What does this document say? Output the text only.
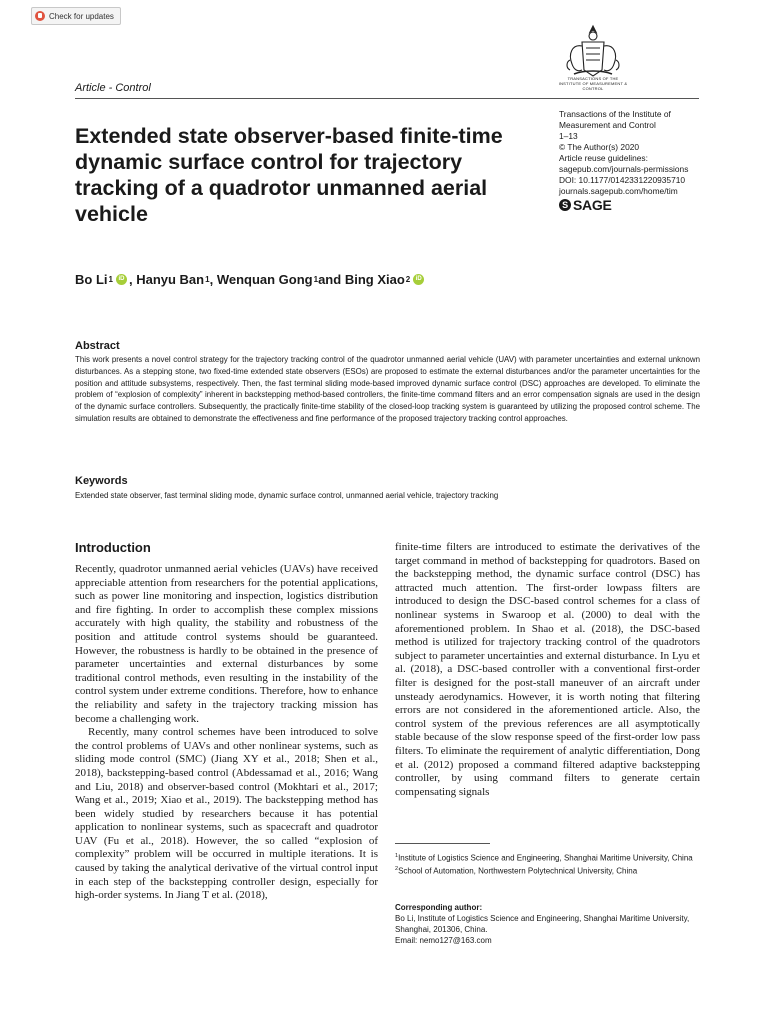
Check for updates
Article - Control
TRANSACTIONS OF THE INSTITUTE OF MEASUREMENT & CONTROL
Transactions of the Institute of
Measurement and Control
1–13
© The Author(s) 2020
Article reuse guidelines:
sagepub.com/journals-permissions
DOI: 10.1177/0142331220935710
journals.sagepub.com/home/tim
S SAGE
Extended state observer-based finite-time dynamic surface control for trajectory tracking of a quadrotor unmanned aerial vehicle
Bo Li 1 iD ,
Hanyu Ban 1 ,
Wenquan Gong 1 and
Bing Xiao 2 iD
Abstract

This work presents a novel control strategy for the trajectory tracking control of the quadrotor unmanned aerial vehicle (UAV) with parameter uncertainties and external unknown disturbances. As a stepping stone, two fixed-time extended state observers (ESOs) are proposed to estimate the external disturbances and/or the parameter uncertainties for the position and attitude subsystems, respectively. Then, the fast terminal sliding mode-based improved dynamic surface control (DSC) approaches are developed. To eliminate the problem of “explosion of complexity” inherent in backstepping method-based controllers, the finite-time command filters and an error compensation signals are used in the design of the dynamic surface controllers. Subsequently, the practically finite-time stability of the closed-loop tracking system is guaranteed by utilizing the proposed control scheme. The simulation results are obtained to demonstrate the effectiveness and fine performance of the proposed trajectory tracking control approaches.

Keywords
Extended state observer, fast terminal sliding mode, dynamic surface control, unmanned aerial vehicle, trajectory tracking
Introduction

Recently, quadrotor unmanned aerial vehicles (UAVs) have received appreciable attention from researchers for the potential applications, such as power line monitoring and inspection, logistics distribution and fire fighting. In order to accomplish these complex missions accurately with high quality, the stability and robustness of the position and attitude control systems should be guaranteed. However, the robustness is hardly to be obtained in the presence of parameter uncertainties and external disturbances by some traditional control methods, even resulting in the instability of the control system under extreme conditions. Therefore, how to enhance the reliability and safety in the trajectory tracking mission has become a challenging work.

Recently, many control schemes have been introduced to solve the control problems of UAVs and other nonlinear systems, such as sliding mode control (SMC) (Jiang XY et al., 2018; Shen et al., 2018), backstepping-based control (Abdessamad et al., 2016; Wang and Liu, 2018) and observer-based control (Mokhtari et al., 2017; Wang et al., 2019; Xiao et al., 2019). The backstepping method has been widely studied by researchers because it has potential application to nonlinear systems, such as spacecraft and quadrotor UAV (Fu et al., 2018). However, the so called “explosion of complexity” problem will be occurred in multiple iterations. It is caused by taking the analytical derivative of the virtual control input in each step of the backstepping controller design, especially for high-order systems. In Jiang T et al. (2018),

finite-time filters are introduced to estimate the derivatives of the target command in method of backstepping for quadrotors. Based on the backstepping method, the dynamic surface control (DSC) has attracted much attention. The first-order lowpass filters are introduced to design the DSC-based control schemes for a class of nonlinear systems in Swaroop et al. (2000) to deal with the aforementioned problem. In Shao et al. (2018), the DSC-based method is utilized for trajectory tracking control of the quadrotors subject to parameter uncertainties and external disturbance. In Lyu et al. (2018), a DSC-based controller with a conventional first-order filter is designed for the post-stall maneuver of an aircraft under unsteady aerodynamics. However, it is worth noting that filtering errors are not considered in the aforementioned article. Also, the control system of the previous references are all asymptotically stable because of the slow response speed of the first-order low pass filters. To eliminate the requirement of analytic differentiation, Dong et al. (2012) proposed a command filtered adaptive backstepping controller, by using command filters to generate certain compensating signals

$^1$Institute of Logistics Science and Engineering, Shanghai Maritime University, China
$^2$School of Automation, Northwestern Polytechnical University, China
Corresponding author:
Bo Li, Institute of Logistics Science and Engineering, Shanghai Maritime University, Shanghai, 201306, China.
Email: nemo127@163.com
